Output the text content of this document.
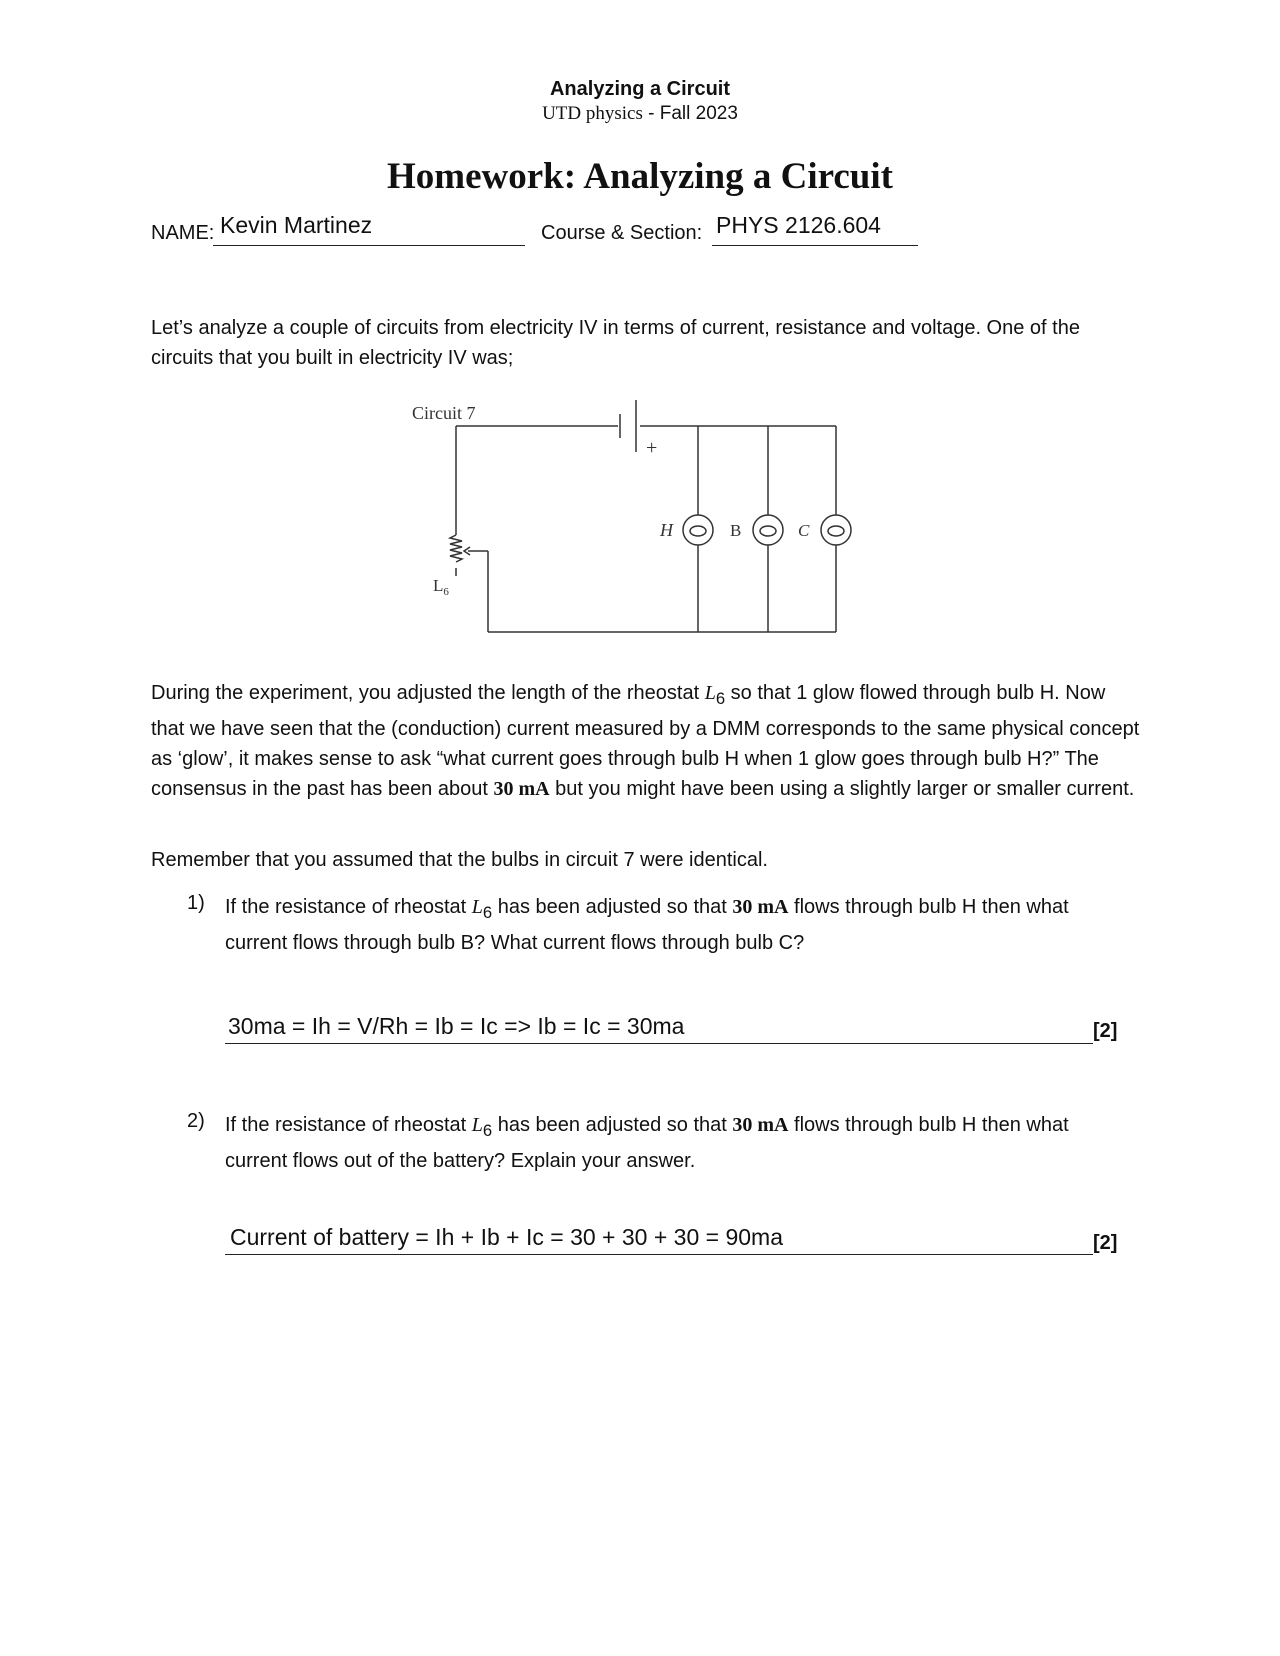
Analyzing a Circuit
UTD physics - Fall 2023
Homework: Analyzing a Circuit
NAME: Kevin Martinez	Course & Section: PHYS 2126.604
Let’s analyze a couple of circuits from electricity IV in terms of current, resistance and voltage. One of the circuits that you built in electricity IV was;
Circuit 7
+
$L_6$
H	B	C
During the experiment, you adjusted the length of the rheostat $L_6$ so that 1 glow flowed through bulb H. Now that we have seen that the (conduction) current measured by a DMM corresponds to the same physical concept as ‘glow’, it makes sense to ask “what current goes through bulb H when 1 glow goes through bulb H?” The consensus in the past has been about 30 mA but you might have been using a slightly larger or smaller current.
Remember that you assumed that the bulbs in circuit 7 were identical.
1) If the resistance of rheostat $L_6$ has been adjusted so that 30 mA flows through bulb H then what current flows through bulb B? What current flows through bulb C?
30ma = Ih = V/Rh = Ib = Ic => Ib = Ic = 30ma	[2]
2) If the resistance of rheostat $L_6$ has been adjusted so that 30 mA flows through bulb H then what current flows out of the battery? Explain your answer.
Current of battery = Ih + Ib + Ic = 30 + 30 + 30 = 90ma	[2]
